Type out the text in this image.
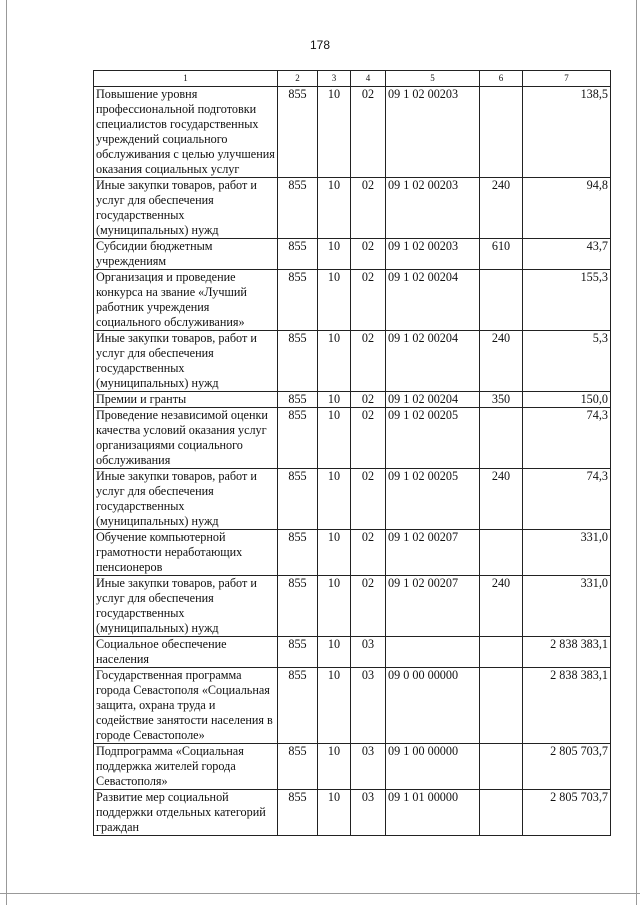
178
1	2	3	4	5	6	7
Повышение уровня профессиональной подготовки специалистов государственных учреждений социального обслуживания с целью улучшения оказания социальных услуг	855	10	02	09 1 02 00203		138,5
Иные закупки товаров, работ и услуг для обеспечения государственных (муниципальных) нужд	855	10	02	09 1 02 00203	240	94,8
Субсидии бюджетным учреждениям	855	10	02	09 1 02 00203	610	43,7
Организация и проведение конкурса на звание «Лучший работник учреждения социального обслуживания»	855	10	02	09 1 02 00204		155,3
Иные закупки товаров, работ и услуг для обеспечения государственных (муниципальных) нужд	855	10	02	09 1 02 00204	240	5,3
Премии и гранты	855	10	02	09 1 02 00204	350	150,0
Проведение независимой оценки качества условий оказания услуг организациями социального обслуживания	855	10	02	09 1 02 00205		74,3
Иные закупки товаров, работ и услуг для обеспечения государственных (муниципальных) нужд	855	10	02	09 1 02 00205	240	74,3
Обучение компьютерной грамотности неработающих пенсионеров	855	10	02	09 1 02 00207		331,0
Иные закупки товаров, работ и услуг для обеспечения государственных (муниципальных) нужд	855	10	02	09 1 02 00207	240	331,0
Социальное обеспечение населения	855	10	03			2 838 383,1
Государственная программа города Севастополя «Социальная защита, охрана труда и содействие занятости населения в городе Севастополе»	855	10	03	09 0 00 00000		2 838 383,1
Подпрограмма «Социальная поддержка жителей города Севастополя»	855	10	03	09 1 00 00000		2 805 703,7
Развитие мер социальной поддержки отдельных категорий граждан	855	10	03	09 1 01 00000		2 805 703,7
